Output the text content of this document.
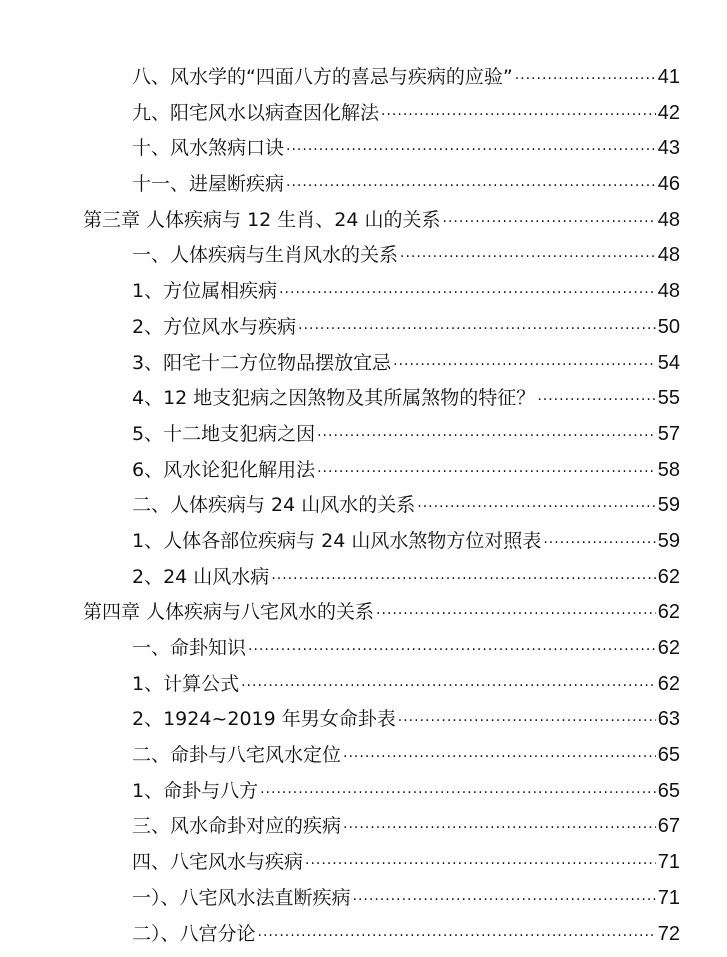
八、风水学的“四面八方的喜忌与疾病的应验” ·····	41
九、阳宅风水以病查因化解法 ·····	42
十、风水煞病口诀 ·····	43
十一、进屋断疾病 ·····	46
第三章 人体疾病与 12 生肖、24 山的关系 ·····	48
一、人体疾病与生肖风水的关系 ·····	48
1、方位属相疾病 ·····	48
2、方位风水与疾病 ·····	50
3、阳宅十二方位物品摆放宜忌 ·····	54
4、12 地支犯病之因煞物及其所属煞物的特征？ ·····	55
5、十二地支犯病之因 ·····	57
6、风水论犯化解用法 ·····	58
二、人体疾病与 24 山风水的关系 ·····	59
1、人体各部位疾病与 24 山风水煞物方位对照表 ·····	59
2、24 山风水病 ·····	62
第四章 人体疾病与八宅风水的关系 ·····	62
一、命卦知识 ·····	62
1、计算公式 ·····	62
2、1924~2019 年男女命卦表 ·····	63
二、命卦与八宅风水定位 ·····	65
1、命卦与八方 ·····	65
三、风水命卦对应的疾病 ·····	67
四、八宅风水与疾病 ·····	71
一）、八宅风水法直断疾病 ·····	71
二）、八宫分论 ·····	72
